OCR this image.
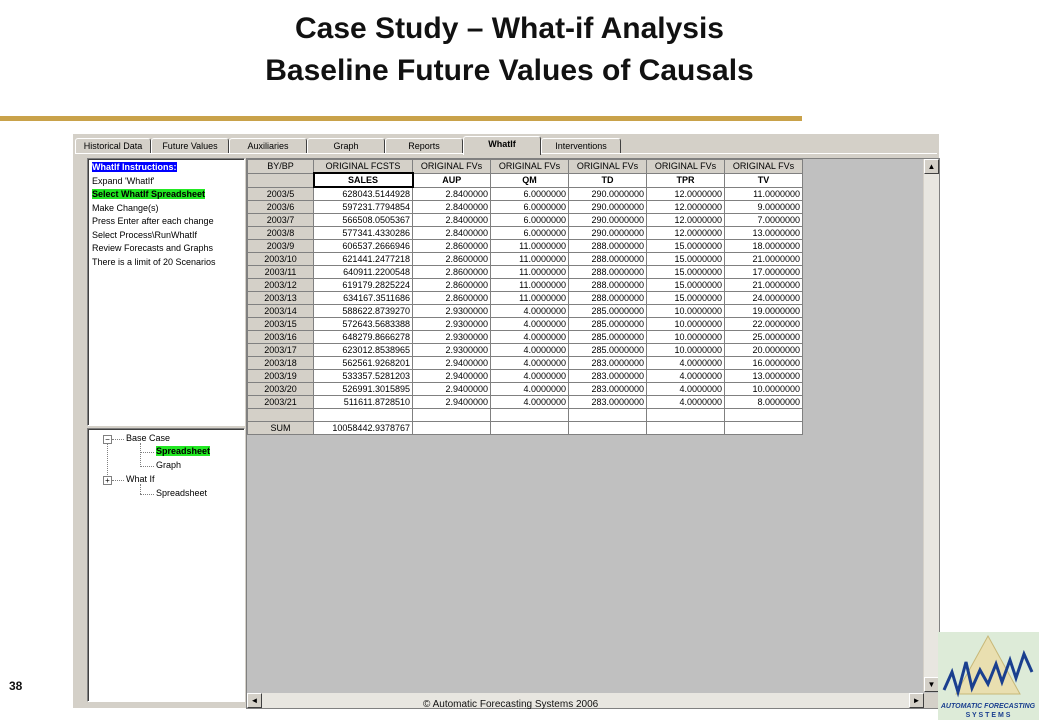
Case Study – What-if Analysis
Baseline Future Values of Causals
Historical Data	Future Values	Auxiliaries	Graph	Reports	WhatIf	Interventions
WhatIf Instructions:
Expand 'WhatIf'
Select WhatIf Spreadsheet
Make Change(s)
Press Enter after each change
Select Process\RunWhatIf
Review Forecasts and Graphs
There is a limit of 20 Scenarios
− Base Case
Spreadsheet
Graph
+ What If
Spreadsheet
BY/BP	ORIGINAL FCSTS	ORIGINAL FVs	ORIGINAL FVs	ORIGINAL FVs	ORIGINAL FVs	ORIGINAL FVs
	SALES	AUP	QM	TD	TPR	TV
2003/5	628043.5144928	2.8400000	6.0000000	290.0000000	12.0000000	11.0000000
2003/6	597231.7794854	2.8400000	6.0000000	290.0000000	12.0000000	9.0000000
2003/7	566508.0505367	2.8400000	6.0000000	290.0000000	12.0000000	7.0000000
2003/8	577341.4330286	2.8400000	6.0000000	290.0000000	12.0000000	13.0000000
2003/9	606537.2666946	2.8600000	11.0000000	288.0000000	15.0000000	18.0000000
2003/10	621441.2477218	2.8600000	11.0000000	288.0000000	15.0000000	21.0000000
2003/11	640911.2200548	2.8600000	11.0000000	288.0000000	15.0000000	17.0000000
2003/12	619179.2825224	2.8600000	11.0000000	288.0000000	15.0000000	21.0000000
2003/13	634167.3511686	2.8600000	11.0000000	288.0000000	15.0000000	24.0000000
2003/14	588622.8739270	2.9300000	4.0000000	285.0000000	10.0000000	19.0000000
2003/15	572643.5683388	2.9300000	4.0000000	285.0000000	10.0000000	22.0000000
2003/16	648279.8666278	2.9300000	4.0000000	285.0000000	10.0000000	25.0000000
2003/17	623012.8538965	2.9300000	4.0000000	285.0000000	10.0000000	20.0000000
2003/18	562561.9268201	2.9400000	4.0000000	283.0000000	4.0000000	16.0000000
2003/19	533357.5281203	2.9400000	4.0000000	283.0000000	4.0000000	13.0000000
2003/20	526991.3015895	2.9400000	4.0000000	283.0000000	4.0000000	10.0000000
2003/21	511611.8728510	2.9400000	4.0000000	283.0000000	4.0000000	8.0000000

SUM	10058442.9378767					
▲
▼
◄	►
38
© Automatic Forecasting Systems 2006	AUTOMATIC FORECASTING
S Y S T E M S
